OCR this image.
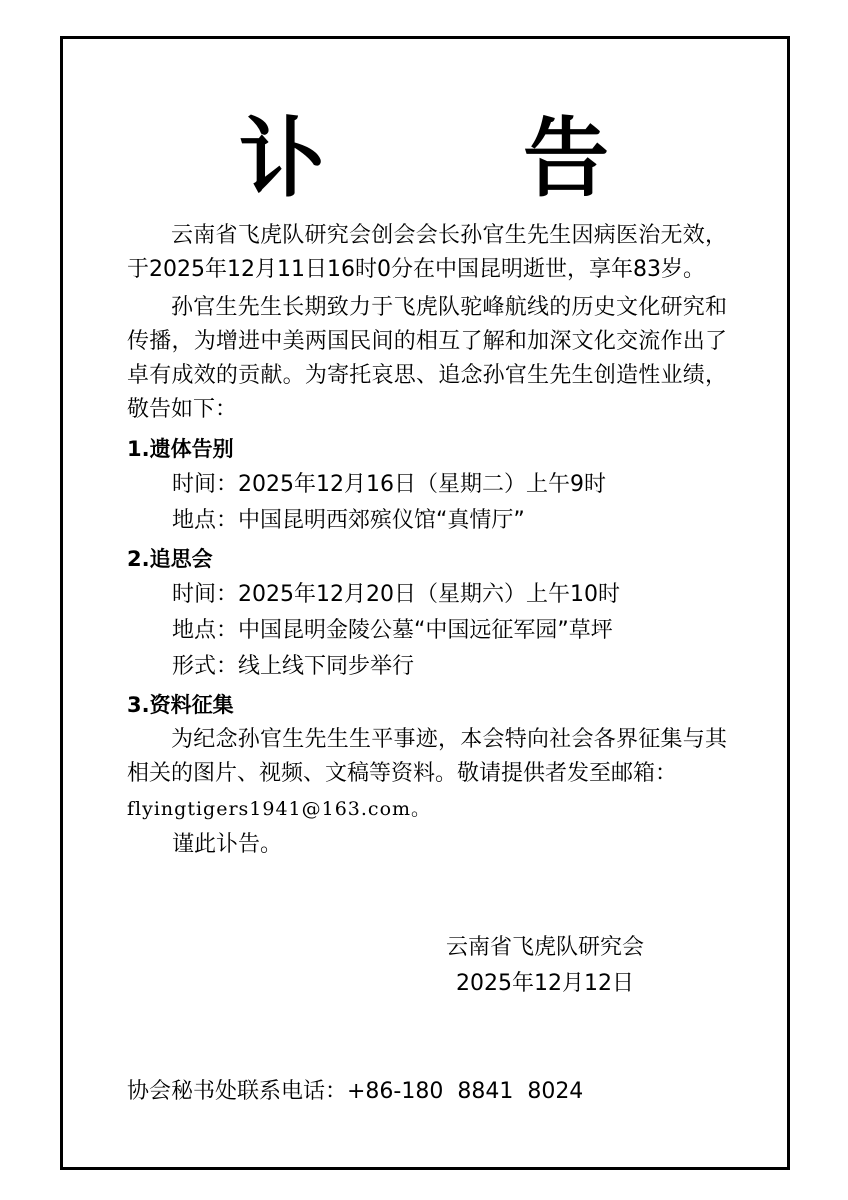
讣 告

云南省飞虎队研究会创会会长孙官生先生因病医治无效，于2025年12月11日16时0分在中国昆明逝世，享年83岁。

孙官生先生长期致力于飞虎队驼峰航线的历史文化研究和传播，为增进中美两国民间的相互了解和加深文化交流作出了卓有成效的贡献。为寄托哀思、追念孙官生先生创造性业绩，敬告如下：

1.遗体告别
时间：2025年12月16日（星期二）上午9时
地点：中国昆明西郊殡仪馆“真情厅”
2.追思会
时间：2025年12月20日（星期六）上午10时
地点：中国昆明金陵公墓“中国远征军园”草坪
形式：线上线下同步举行
3.资料征集

为纪念孙官生先生生平事迹，本会特向社会各界征集与其相关的图片、视频、文稿等资料。敬请提供者发至邮箱：

flyingtigers1941@163.com。
谨此讣告。
云南省飞虎队研究会
2025年12月12日
协会秘书处联系电话：+86-180  8841  8024
